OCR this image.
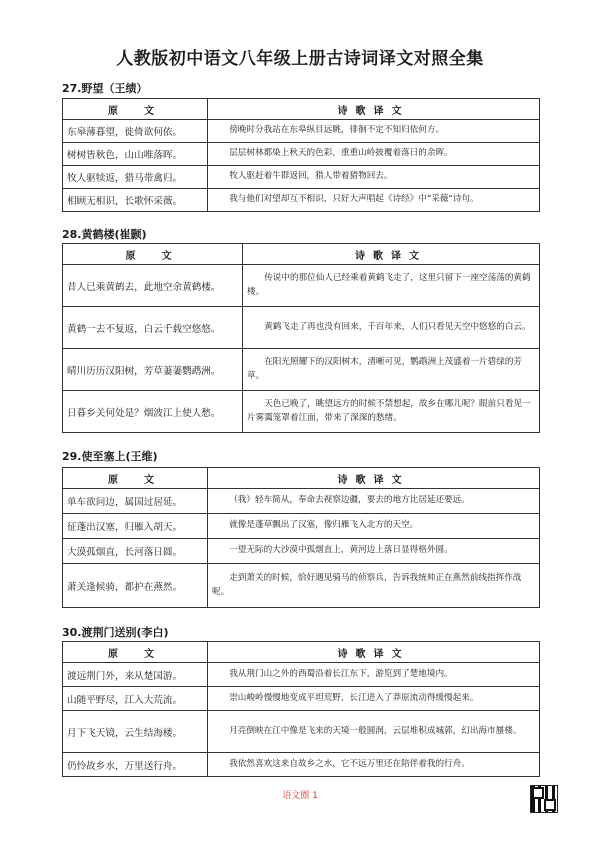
人教版初中语文八年级上册古诗词译文对照全集
27.野望（王绩）
原　文	诗歌译文
东皋薄暮望，徙倚欲何依。	傍晚时分我站在东皋纵目远眺，徘徊不定不知归依何方。
树树皆秋色，山山唯落晖。	层层树林都染上秋天的色彩，重重山岭披覆着落日的余晖。
牧人驱犊返，猎马带禽归。	牧人驱赶着牛群返回，猎人带着猎物回去。
相顾无相识，长歌怀采薇。	我与他们对望却互不相识，只好大声唱起《诗经》中“采薇”诗句。
28.黄鹤楼(崔颢)
原　文	诗歌译文
昔人已乘黄鹤去，此地空余黄鹤楼。	传说中的那位仙人已经乘着黄鹤飞走了，这里只留下一座空荡荡的黄鹤楼。
黄鹤一去不复返，白云千载空悠悠。	黄鹤飞走了再也没有回来，千百年来，人们只看见天空中悠悠的白云。
晴川历历汉阳树，芳草萋萋鹦鹉洲。	在阳光照耀下的汉阳树木，清晰可见，鹦鹉洲上茂盛着一片碧绿的芳草。
日暮乡关何处是？烟波江上使人愁。	天色已晚了，眺望远方的时候不禁想起，故乡在哪儿呢？眼前只看见一片雾霭笼罩着江面，带来了深深的愁绪。
29.使至塞上(王维)
原　文	诗歌译文
单车欲问边，属国过居延。	（我）轻车简从，奉命去视察边疆，要去的地方比居延还要远。
征蓬出汉塞，归雁入胡天。	就像是蓬草飘出了汉塞，像归雁飞入北方的天空。
大漠孤烟直，长河落日圆。	一望无际的大沙漠中孤烟直上，黄河边上落日显得格外圆。
萧关逢候骑，都护在燕然。	走到萧关的时候，恰好遇见骑马的侦察兵，告诉我统帅正在燕然前线指挥作战呢。
30.渡荆门送别(李白)
原　文	诗歌译文
渡远荆门外，来从楚国游。	我从荆门山之外的西蜀沿着长江东下，游览到了楚地境内。
山随平野尽，江入大荒流。	崇山峻岭慢慢地变成平坦荒野，长江进入了莽原流动得缓慢起来。
月下飞天镜，云生结海楼。	月亮倒映在江中像是飞来的天境一般圆润，云层堆积成城郭，幻出海市蜃楼。
仍怜故乡水，万里送行舟。	我依然喜欢这来自故乡之水，它不远万里还在陪伴着我的行舟。
语文圈 1
